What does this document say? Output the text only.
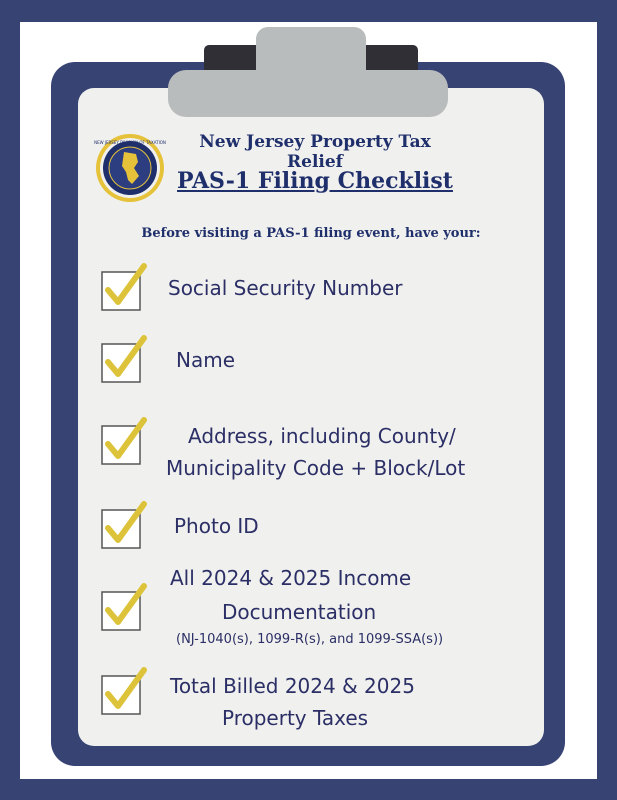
NEW JERSEY DIVISION OF TAXATION	New Jersey Property Tax Relief
PAS-1 Filing Checklist
Before visiting a PAS-1 filing event, have your:
Social Security Number
Name
Address, including County/
Municipality Code + Block/Lot
Photo ID
All 2024 & 2025 Income
Documentation
(NJ-1040(s), 1099-R(s), and 1099-SSA(s))
Total Billed 2024 & 2025
Property Taxes
